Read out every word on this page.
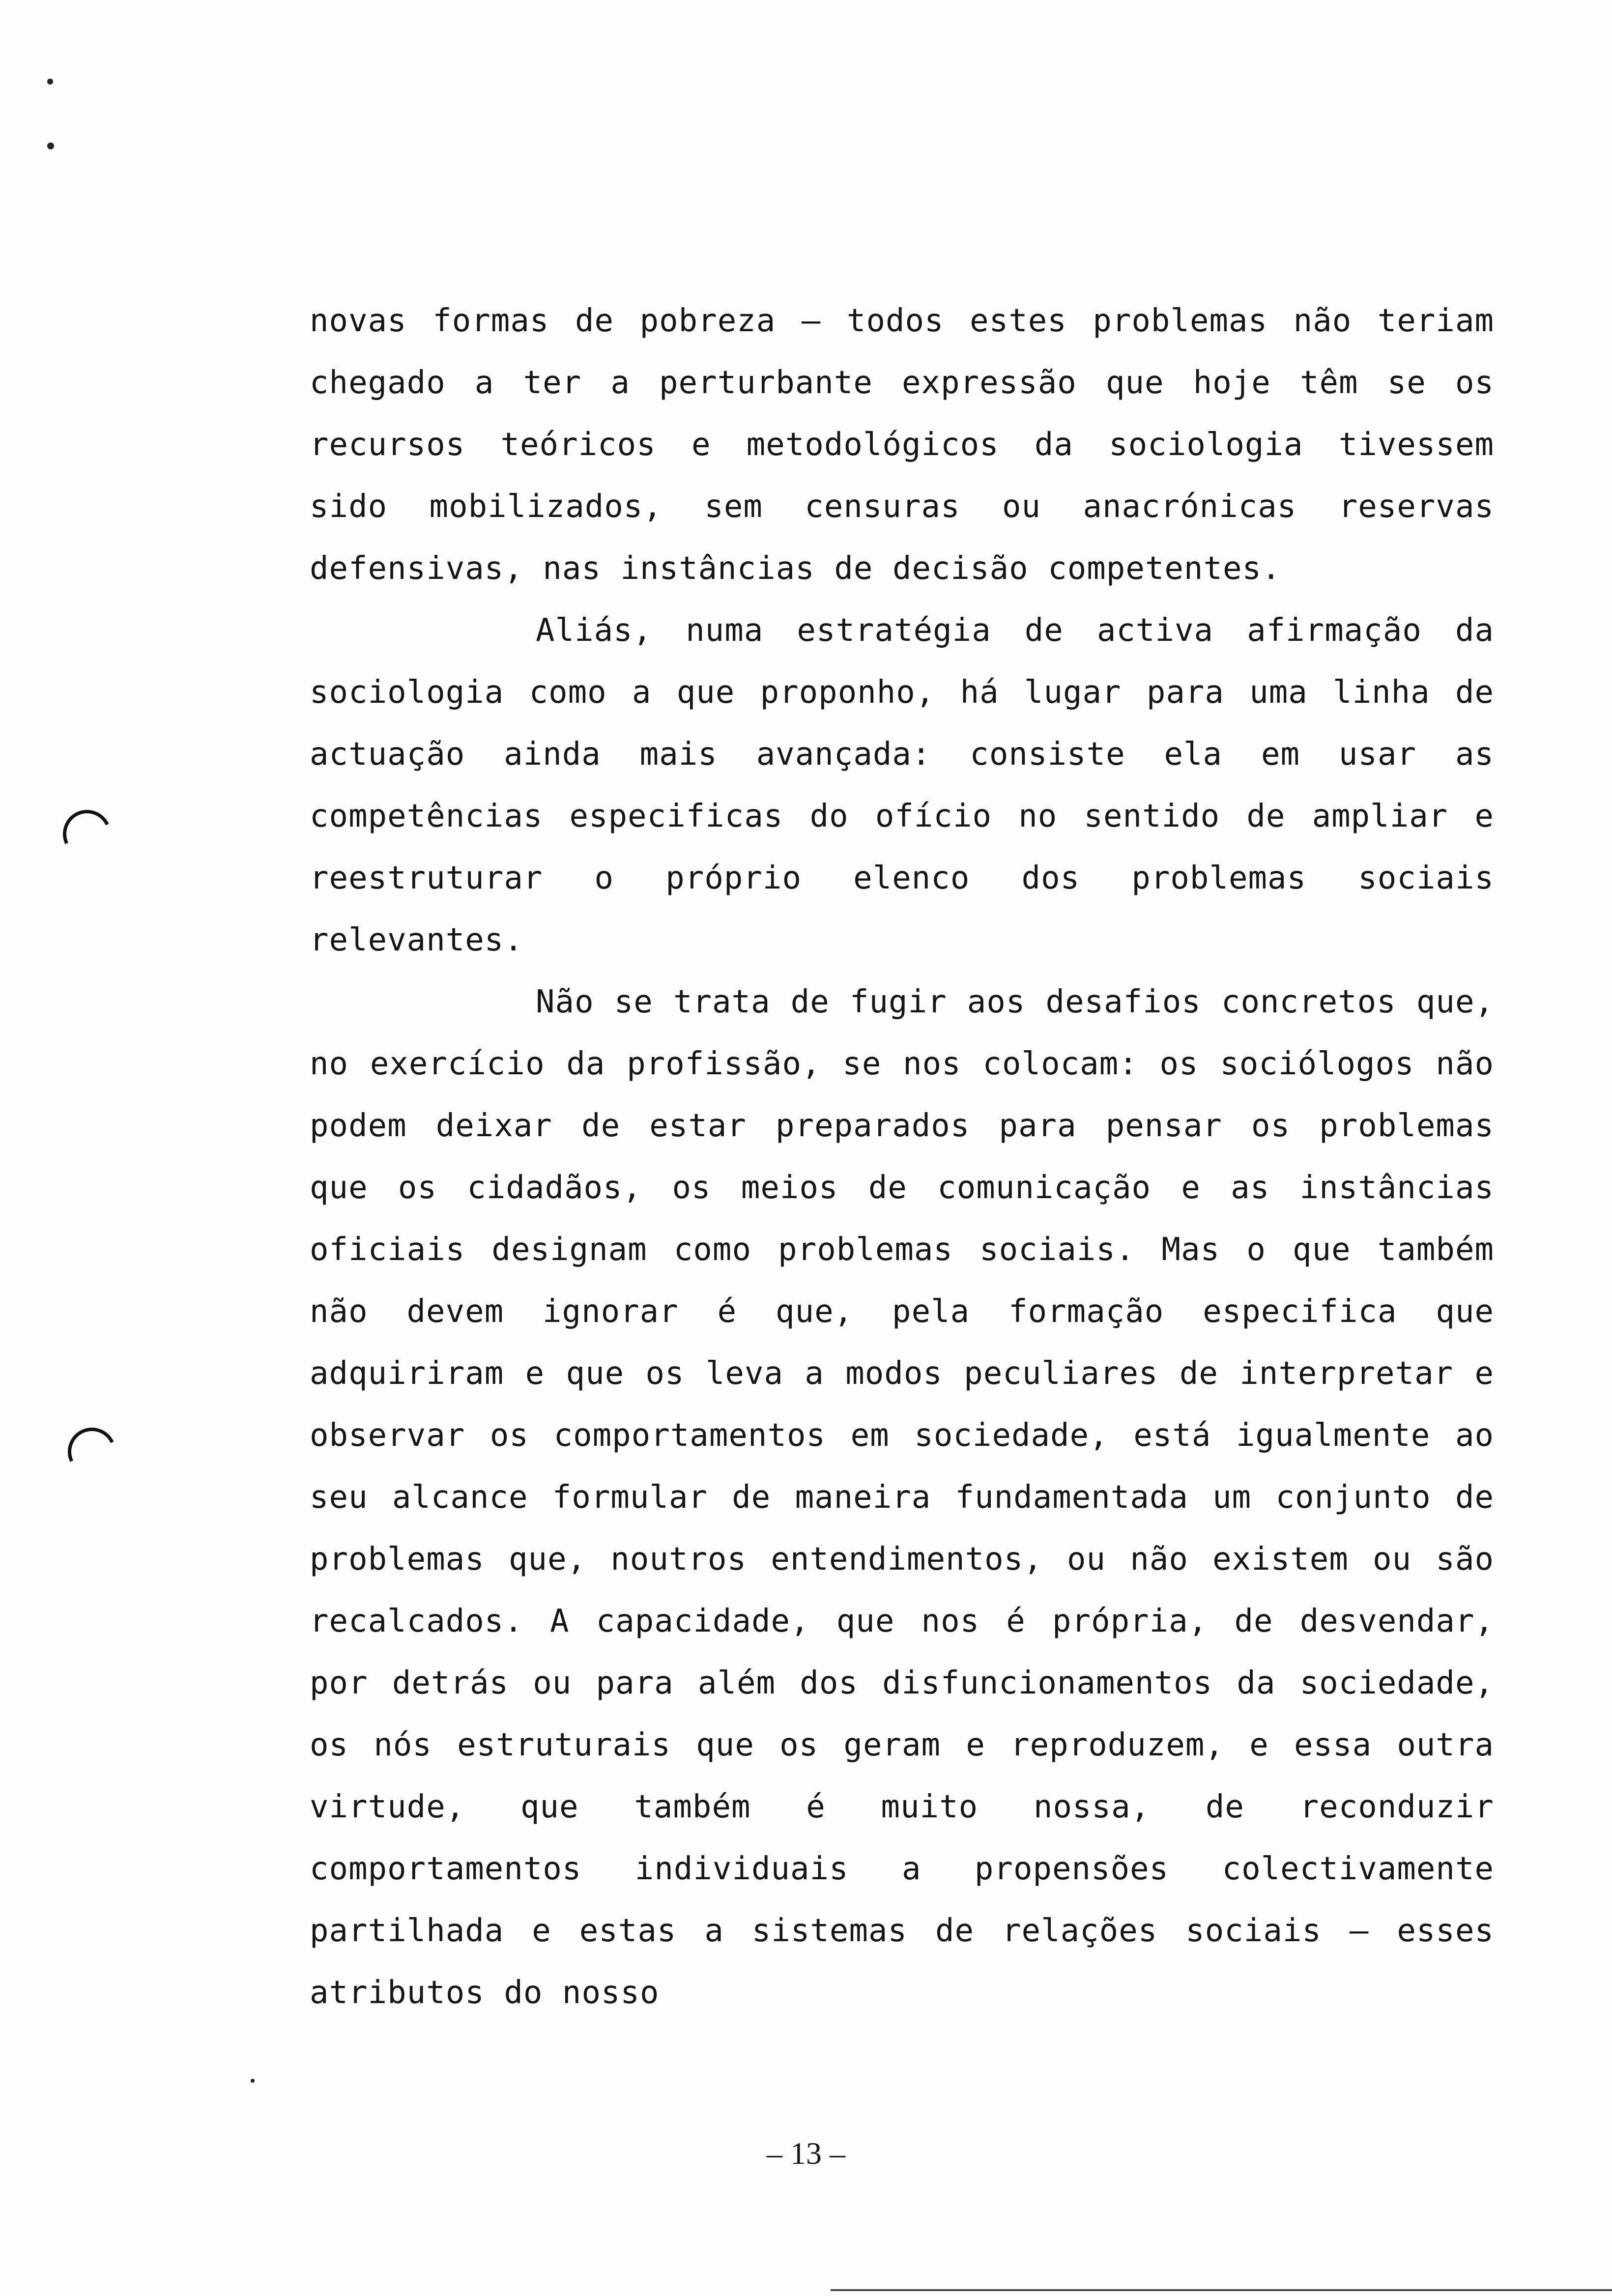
novas formas de pobreza — todos estes problemas não teriam chegado a ter a perturbante expressão que hoje têm se os recursos teóricos e metodológicos da sociologia tivessem sido mobilizados, sem censuras ou anacrónicas reservas defensivas, nas instâncias de decisão competentes.

Aliás, numa estratégia de activa afirmação da sociologia como a que proponho, há lugar para uma linha de actuação ainda mais avançada: consiste ela em usar as competências especificas do ofício no sentido de ampliar e reestruturar o próprio elenco dos problemas sociais relevantes.

Não se trata de fugir aos desafios concretos que, no exercício da profissão, se nos colocam: os sociólogos não podem deixar de estar preparados para pensar os problemas que os cidadãos, os meios de comunicação e as instâncias oficiais designam como problemas sociais. Mas o que também não devem ignorar é que, pela formação especifica que adquiriram e que os leva a modos peculiares de interpretar e observar os comportamentos em sociedade, está igualmente ao seu alcance formular de maneira fundamentada um conjunto de problemas que, noutros entendimentos, ou não existem ou são recalcados. A capacidade, que nos é própria, de desvendar, por detrás ou para além dos disfuncionamentos da sociedade, os nós estruturais que os geram e reproduzem, e essa outra virtude, que também é muito nossa, de reconduzir comportamentos individuais a propensões colectivamente partilhada e estas a sistemas de relações sociais — esses atributos do nosso

– 13 –
